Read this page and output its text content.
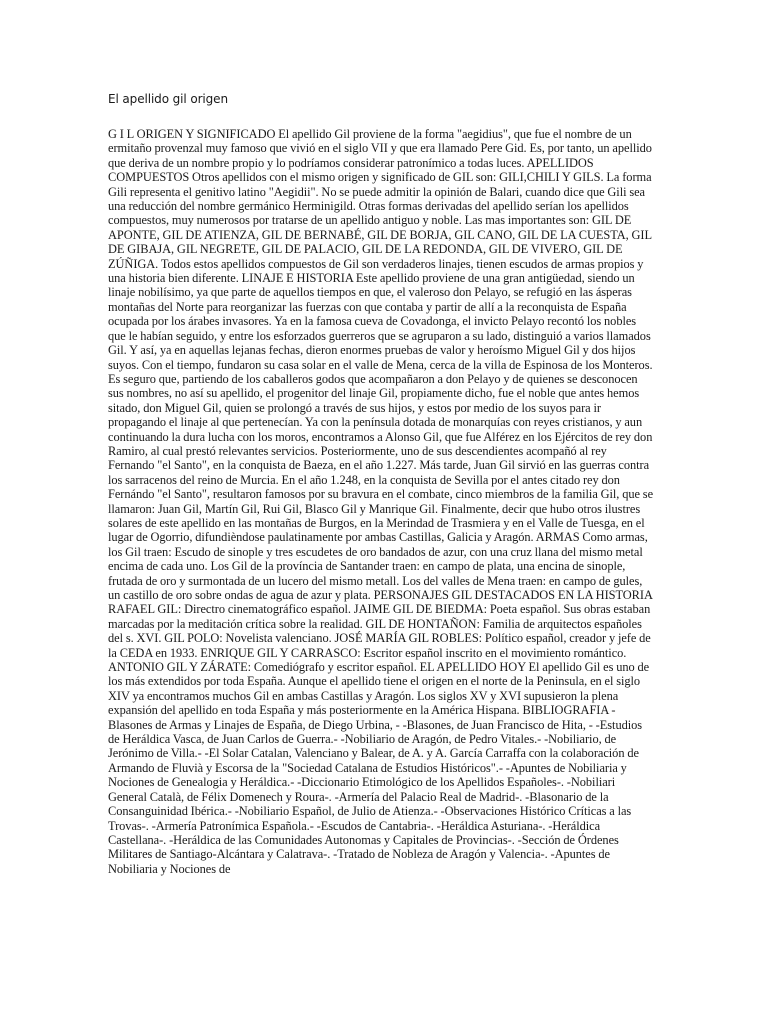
El apellido gil origen

G I L ORIGEN Y SIGNIFICADO El apellido Gil proviene de la forma "aegidius", que fue el nombre de un ermitaño provenzal muy famoso que vivió en el siglo VII y que era llamado Pere Gid. Es, por tanto, un apellido que deriva de un nombre propio y lo podríamos considerar patronímico a todas luces. APELLIDOS COMPUESTOS Otros apellidos con el mismo origen y significado de GIL son: GILI,CHILI Y GILS. La forma Gili representa el genitivo latino "Aegidii". No se puede admitir la opinión de Balari, cuando dice que Gili sea una reducción del nombre germánico Herminigild. Otras formas derivadas del apellido serían los apellidos compuestos, muy numerosos por tratarse de un apellido antiguo y noble. Las mas importantes son: GIL DE APONTE, GIL DE ATIENZA, GIL DE BERNABÉ, GIL DE BORJA, GIL CANO, GIL DE LA CUESTA, GIL DE GIBAJA, GIL NEGRETE, GIL DE PALACIO, GIL DE LA REDONDA, GIL DE VIVERO, GIL DE ZÚÑIGA. Todos estos apellidos compuestos de Gil son verdaderos linajes, tienen escudos de armas propios y una historia bien diferente. LINAJE E HISTORIA Este apellido proviene de una gran antigüedad, siendo un linaje nobilísimo, ya que parte de aquellos tiempos en que, el valeroso don Pelayo, se refugió en las ásperas montañas del Norte para reorganizar las fuerzas con que contaba y partir de allí a la reconquista de España ocupada por los árabes invasores. Ya en la famosa cueva de Covadonga, el invicto Pelayo recontó los nobles que le habían seguido, y entre los esforzados guerreros que se agruparon a su lado, distinguió a varios llamados Gil. Y así, ya en aquellas lejanas fechas, dieron enormes pruebas de valor y heroísmo Miguel Gil y dos hijos suyos. Con el tiempo, fundaron su casa solar en el valle de Mena, cerca de la villa de Espinosa de los Monteros. Es seguro que, partiendo de los caballeros godos que acompañaron a don Pelayo y de quienes se desconocen sus nombres, no así su apellido, el progenitor del linaje Gil, propiamente dicho, fue el noble que antes hemos sitado, don Miguel Gil, quien se prolongó a través de sus hijos, y estos por medio de los suyos para ir propagando el linaje al que pertenecían. Ya con la península dotada de monarquías con reyes cristianos, y aun continuando la dura lucha con los moros, encontramos a Alonso Gil, que fue Alférez en los Ejércitos de rey don Ramiro, al cual prestó relevantes servicios. Posteriormente, uno de sus descendientes acompañó al rey Fernando "el Santo", en la conquista de Baeza, en el año 1.227. Más tarde, Juan Gil sirvió en las guerras contra los sarracenos del reino de Murcia. En el año 1.248, en la conquista de Sevilla por el antes citado rey don Fernándo "el Santo", resultaron famosos por su bravura en el combate, cinco miembros de la familia Gil, que se llamaron: Juan Gil, Martín Gil, Rui Gil, Blasco Gil y Manrique Gil. Finalmente, decir que hubo otros ilustres solares de este apellido en las montañas de Burgos, en la Merindad de Trasmiera y en el Valle de Tuesga, en el lugar de Ogorrio, difundièndose paulatinamente por ambas Castillas, Galicia y Aragón. ARMAS Como armas, los Gil traen: Escudo de sinople y tres escudetes de oro bandados de azur, con una cruz llana del mismo metal encima de cada uno. Los Gil de la província de Santander traen: en campo de plata, una encina de sinople, frutada de oro y surmontada de un lucero del mismo metall. Los del valles de Mena traen: en campo de gules, un castillo de oro sobre ondas de agua de azur y plata. PERSONAJES GIL DESTACADOS EN LA HISTORIA RAFAEL GIL: Directro cinematográfico español. JAIME GIL DE BIEDMA: Poeta español. Sus obras estaban marcadas por la meditación crítica sobre la realidad. GIL DE HONTAÑON: Familia de arquitectos españoles del s. XVI. GIL POLO: Novelista valenciano. JOSÉ MARÍA GIL ROBLES: Político español, creador y jefe de la CEDA en 1933. ENRIQUE GIL Y CARRASCO: Escritor español inscrito en el movimiento romántico. ANTONIO GIL Y ZÁRATE: Comediógrafo y escritor español. EL APELLIDO HOY El apellido Gil es uno de los más extendidos por toda España. Aunque el apellido tiene el origen en el norte de la Peninsula, en el siglo XIV ya encontramos muchos Gil en ambas Castillas y Aragón. Los siglos XV y XVI supusieron la plena expansión del apellido en toda España y más posteriormente en la América Hispana. BIBLIOGRAFIA -Blasones de Armas y Linajes de España, de Diego Urbina, - -Blasones, de Juan Francisco de Hita, - -Estudios de Heráldica Vasca, de Juan Carlos de Guerra.- -Nobiliario de Aragón, de Pedro Vitales.- -Nobiliario, de Jerónimo de Villa.- -El Solar Catalan, Valenciano y Balear, de A. y A. García Carraffa con la colaboración de Armando de Fluvià y Escorsa de la "Sociedad Catalana de Estudios Históricos".- -Apuntes de Nobiliaria y Nociones de Genealogia y Heráldica.- -Diccionario Etimológico de los Apellidos Españoles-. -Nobiliari General Català, de Félix Domenech y Roura-. -Armería del Palacio Real de Madrid-. -Blasonario de la Consanguinidad Ibérica.- -Nobiliario Español, de Julio de Atienza.- -Observaciones Histórico Críticas a las Trovas-. -Armería Patronímica Española.- -Escudos de Cantabria-. -Heráldica Asturiana-. -Heráldica Castellana-. -Heráldica de las Comunidades Autonomas y Capitales de Provincias-. -Sección de Órdenes Militares de Santiago-Alcántara y Calatrava-. -Tratado de Nobleza de Aragón y Valencia-. -Apuntes de Nobiliaria y Nociones de
